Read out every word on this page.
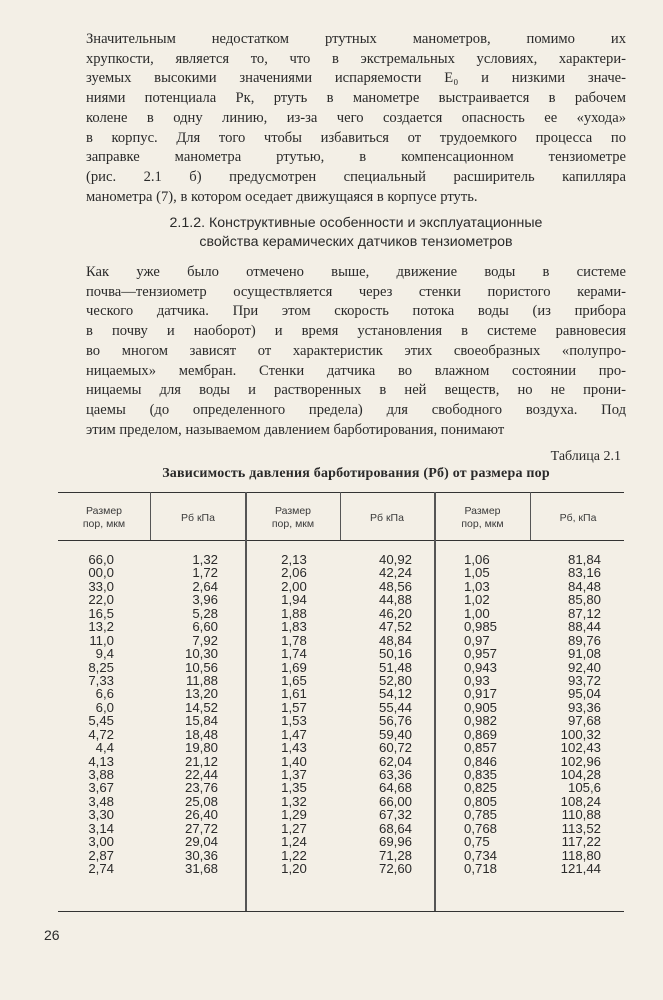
Значительным недостатком ртутных манометров, помимо их
хрупкости, является то, что в экстремальных условиях, характери-
зуемых высокими значениями испаряемости E₀ и низкими значе-
ниями потенциала Pк, ртуть в манометре выстраивается в рабочем
колене в одну линию, из-за чего создается опасность ее «ухода»
в корпус. Для того чтобы избавиться от трудоемкого процесса по
заправке манометра ртутью, в компенсационном тензиометре
(рис. 2.1 б) предусмотрен специальный расширитель капилляра
манометра (7), в котором оседает движущаяся в корпусе ртуть.
2.1.2. Конструктивные особенности и эксплуатационные
свойства керамических датчиков тензиометров
Как уже было отмечено выше, движение воды в системе
почва—тензиометр осуществляется через стенки пористого керами-
ческого датчика. При этом скорость потока воды (из прибора
в почву и наоборот) и время установления в системе равновесия
во многом зависят от характеристик этих своеобразных «полупро-
ницаемых» мембран. Стенки датчика во влажном состоянии про-
ницаемы для воды и растворенных в ней веществ, но не прони-
цаемы (до определенного предела) для свободного воздуха. Под
этим пределом, называемом давлением барботирования, понимают

Таблица 2.1

Зависимость давления барботирования (Pб) от размера пор

Размер
пор, мкм
Pб кПа
Размер
пор, мкм
Pб кПа
Размер
пор, мкм
Pб, кПа
66,0
00,0
33,0
22,0
16,5
13,2
11,0
9,4
8,25
7,33
6,6
6,0
5,45
4,72
4,4
4,13
3,88
3,67
3,48
3,30
3,14
3,00
2,87
2,74
1,32
1,72
2,64
3,96
5,28
6,60
7,92
10,30
10,56
11,88
13,20
14,52
15,84
18,48
19,80
21,12
22,44
23,76
25,08
26,40
27,72
29,04
30,36
31,68
2,13
2,06
2,00
1,94
1,88
1,83
1,78
1,74
1,69
1,65
1,61
1,57
1,53
1,47
1,43
1,40
1,37
1,35
1,32
1,29
1,27
1,24
1,22
1,20
40,92
42,24
48,56
44,88
46,20
47,52
48,84
50,16
51,48
52,80
54,12
55,44
56,76
59,40
60,72
62,04
63,36
64,68
66,00
67,32
68,64
69,96
71,28
72,60
1,06
1,05
1,03
1,02
1,00
0,985
0,97
0,957
0,943
0,93
0,917
0,905
0,982
0,869
0,857
0,846
0,835
0,825
0,805
0,785
0,768
0,75
0,734
0,718
81,84
83,16
84,48
85,80
87,12
88,44
89,76
91,08
92,40
93,72
95,04
93,36
97,68
100,32
102,43
102,96
104,28
105,6
108,24
110,88
113,52
117,22
118,80
121,44

26
